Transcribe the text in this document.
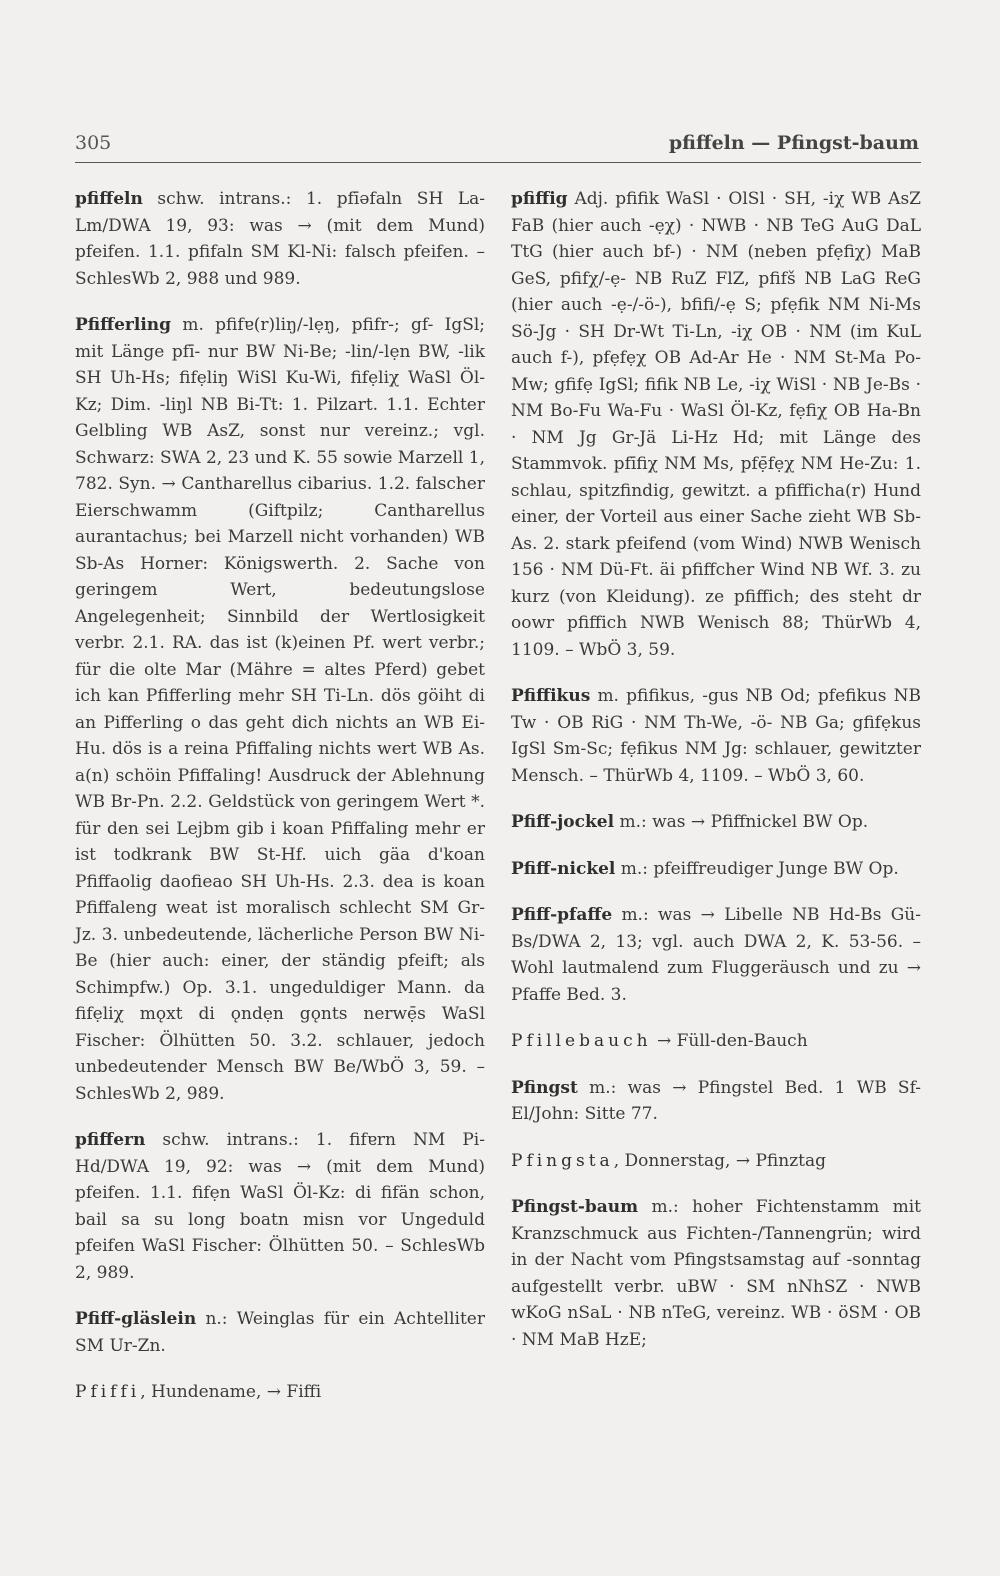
305	pfiffeln — Pfingst-baum

pfiffeln schw. intrans.: 1. pfīəfaln SH La-Lm/DWA 19, 93: was → (mit dem Mund) pfeifen. 1.1. pfifaln SM Kl-Ni: falsch pfeifen. – SchlesWb 2, 988 und 989.

Pfifferling m. pfifɐ(r)liŋ/-lẹŋ, pfifr-; gf- IgSl; mit Länge pfī- nur BW Ni-Be; -lin/-lẹn BW, -lik SH Uh-Hs; fifẹliŋ WiSl Ku-Wi, fifẹliχ WaSl Öl-Kz; Dim. -liŋl NB Bi-Tt: 1. Pilzart. 1.1. Echter Gelbling WB AsZ, sonst nur vereinz.; vgl. Schwarz: SWA 2, 23 und K. 55 sowie Marzell 1, 782. Syn. → Cantharellus cibarius. 1.2. falscher Eierschwamm (Giftpilz; Cantharellus aurantachus; bei Marzell nicht vorhanden) WB Sb-As Horner: Königswerth. 2. Sache von geringem Wert, bedeutungslose Angelegenheit; Sinnbild der Wertlosigkeit verbr. 2.1. RA. das ist (k)einen Pf. wert verbr.; für die olte Mar (Mähre = altes Pferd) gebet ich kan Pfifferling mehr SH Ti-Ln. dös göiht di an Pifferling o das geht dich nichts an WB Ei-Hu. dös is a reina Pfiffaling nichts wert WB As. a(n) schöin Pfiffaling! Ausdruck der Ablehnung WB Br-Pn. 2.2. Geldstück von geringem Wert *. für den sei Lejbm gib i koan Pfiffaling mehr er ist todkrank BW St-Hf. uich gäa d'koan Pfiffaolig daofieao SH Uh-Hs. 2.3. dea is koan Pfiffaleng weat ist moralisch schlecht SM Gr-Jz. 3. unbedeutende, lächerliche Person BW Ni-Be (hier auch: einer, der ständig pfeift; als Schimpfw.) Op. 3.1. ungeduldiger Mann. da fifẹliχ mǫxt di ǫndẹn gǫnts nerwẹ̄s WaSl Fischer: Ölhütten 50. 3.2. schlauer, jedoch unbedeutender Mensch BW Be/WbÖ 3, 59. – SchlesWb 2, 989.

pfiffern schw. intrans.: 1. fifɐrn NM Pi-Hd/DWA 19, 92: was → (mit dem Mund) pfeifen. 1.1. fifẹn WaSl Öl-Kz: di fifän schon, bail sa su long boatn misn vor Ungeduld pfeifen WaSl Fischer: Ölhütten 50. – SchlesWb 2, 989.

Pfiff-gläslein n.: Weinglas für ein Achtelliter SM Ur-Zn.

Pfiffi, Hundename, → Fiffi

pfiffig Adj. pfifik WaSl · OlSl · SH, -iχ WB AsZ FaB (hier auch -ẹχ) · NWB · NB TeG AuG DaL TtG (hier auch bf-) · NM (neben pfẹfiχ) MaB GeS, pfifχ/-ẹ- NB RuZ FlZ, pfifš NB LaG ReG (hier auch -ẹ-/-ö-), bfifi/-ẹ S; pfẹfik NM Ni-Ms Sö-Jg · SH Dr-Wt Ti-Ln, -iχ OB · NM (im KuL auch f-), pfẹfẹχ OB Ad-Ar He · NM St-Ma Po-Mw; gfifẹ IgSl; fifik NB Le, -iχ WiSl · NB Je-Bs · NM Bo-Fu Wa-Fu · WaSl Öl-Kz, fẹfiχ OB Ha-Bn · NM Jg Gr-Jä Li-Hz Hd; mit Länge des Stammvok. pfīfiχ NM Ms, pfẹ̄fẹχ NM He-Zu: 1. schlau, spitzfindig, gewitzt. a pfifficha(r) Hund einer, der Vorteil aus einer Sache zieht WB Sb-As. 2. stark pfeifend (vom Wind) NWB Wenisch 156 · NM Dü-Ft. äi pfiffcher Wind NB Wf. 3. zu kurz (von Kleidung). ze pfiffich; des steht dr oowr pfiffich NWB Wenisch 88; ThürWb 4, 1109. – WbÖ 3, 59.

Pfiffikus m. pfifikus, -gus NB Od; pfefikus NB Tw · OB RiG · NM Th-We, -ö- NB Ga; gfifẹkus IgSl Sm-Sc; fẹfikus NM Jg: schlauer, gewitzter Mensch. – ThürWb 4, 1109. – WbÖ 3, 60.

Pfiff-jockel m.: was → Pfiffnickel BW Op.

Pfiff-nickel m.: pfeiffreudiger Junge BW Op.

Pfiff-pfaffe m.: was → Libelle NB Hd-Bs Gü-Bs/DWA 2, 13; vgl. auch DWA 2, K. 53-56. – Wohl lautmalend zum Fluggeräusch und zu → Pfaffe Bed. 3.

Pfillebauch → Füll-den-Bauch

Pfingst m.: was → Pfingstel Bed. 1 WB Sf-El/John: Sitte 77.

Pfingsta, Donnerstag, → Pfinztag

Pfingst-baum m.: hoher Fichtenstamm mit Kranzschmuck aus Fichten-/Tannengrün; wird in der Nacht vom Pfingstsamstag auf -sonntag aufgestellt verbr. uBW · SM nNhSZ · NWB wKoG nSaL · NB nTeG, vereinz. WB · öSM · OB · NM MaB HzE;
